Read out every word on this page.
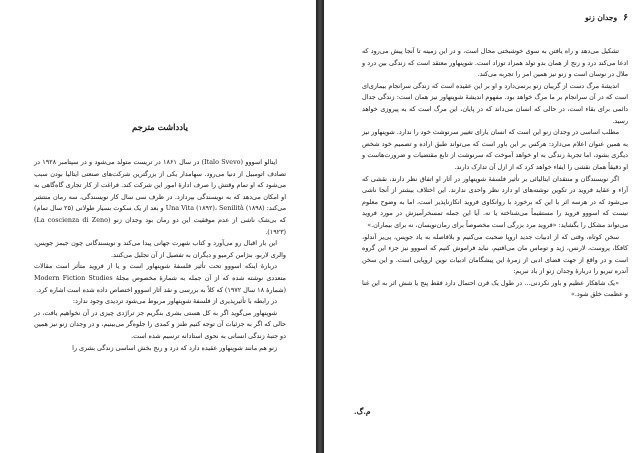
یادداشت مترجم

ایتالو اسووو (Italo Svevo) در سال ۱۸۶۱ در تریست متولد می‌شود و در سپتامبر ۱۹۲۸ در تصادف اتومبیل از دنیا می‌رود. سهامدار یکی از بزرگترین شرکت‌های صنعتی ایتالیا بودن سبب می‌شود که او تمام وقتش را صرف ادارهٔ امور این شرکت کند. فراغت از کار تجاری گاه‌گاهی به او امکان می‌دهد که به نویسندگی بپردازد. در ظرف سی سال کار نویسندگی، سه رمان منتشر می‌کند: Una Vita (۱۸۹۲)، Senilità (۱۸۹۸) و بعد از یک سکوت بسیار طولانی (۲۵ سال تمام) که بی‌شک ناشی از عدم موفقیت این دو رمان بود وجدان زنو (La coscienza di Zeno) (۱۹۲۳).

این بار اقبال رو می‌آورد و کتاب شهرت جهانی پیدا می‌کند و نویسندگانی چون جیمز جویس، والری لاربو، بنژامن کرمیو و دیگران به تفصیل از آن تجلیل می‌کنند.

دربارهٔ اینکه اسووو تحت تأثیر فلسفهٔ شوپنهاور است و یا از فروید متأثر است مقالات متعددی نوشته شده که از آن جمله به شمارهٔ مخصوص مجلهٔ Modern Fiction Studies (شمارهٔ ۱۸ سال ۱۹۷۲) که کلاً به بررسی و نقد آثار اسووو اختصاص داده شده است اشاره کرد.

در رابطه با تأثیرپذیری از فلسفهٔ شوپنهاور مربوط می‌شود تردیدی وجود ندارد:

شوپنهاور می‌گوید اگر به کل هستی بشری بنگریم جز تراژدی چیزی در آن نخواهیم یافت، در حالی که اگر به جزئیات آن توجه کنیم طنز و کمدی را جلوه‌گر می‌بینیم، و در وجدان زنو نیز همین دو جنبهٔ زندگی انسانی به نحوی استادانه ترسیم شده است.

زنو هم مانند شوپنهاور عقیده دارد که درد و رنج بخش اساسی زندگی بشری را

۶وجدان زنو

تشکیل می‌دهد و راه یافتن به سوی خوشبختی محال است، و در این زمینه تا آنجا پیش می‌رود که ادعا می‌کند درد و رنج از همان بدو تولد همزاد توزاد است. شوپنهاور معتقد است که زندگی بین درد و ملال در نوسان است و زنو نیز همین امر را تجربه می‌کند.

اندیشهٔ مرگ دست از گریبان زنو برنمی‌دارد و او بر این عقیده است که زندگی سرانجام بیماری‌ای است که در آن سرانجام بر ما مرگ خواهد بود. مفهوم اندیشهٔ شوپنهاور نیز همان است: زندگی جدال دائمی برای بقاء است، در حالی که انسان می‌داند که در پایان، این مرگ است که به پیروزی خواهد رسید.

مطلب اساسی در وجدان زنو این است که انسان یارای تغییر سرنوشت خود را ندارد. شوپنهاور نیز به همین عنوان اعلام می‌دارد: هرکس بر این باور است که می‌تواند طبق اراده و تصمیم خود شخص دیگری بشود، اما تجربهٔ زندگی به او خواهد آموخت که سرنوشت از تابع مقتضیات و ضرورت‌هاست و او دقیقاً همان نقشی را ایفاء خواهد کرد که از ازل آن تدارک دارند.

اگر نویسندگان و منتقدان ایتالیائی بر تأثیر فلسفهٔ شوپنهاور در آثار او اتفاق نظر دارند، نقشی که آراء و عقاید فروید در تکوین نوشته‌های او دارد نظر واحدی ندارند. این اختلاف بیشتر از آنجا ناشی می‌شود که در هرسه اثر با این که برخورد با روانکاوی فروید انکارناپذیر است، اما به وضوح معلوم نیست که اسووو فروید را مستقیماً می‌شناخته یا نه. آیا این جمله تمسخرآمیزش در مورد فروید می‌تواند مشکل را بگشاید: «فروید مرد بزرگی است مخصوصاً برای رمان‌نویسان، نه برای بیماران.»

سخن کوتاه، وقتی که از ادبیات جدید اروپا صحبت می‌کنیم و بلافاصله به یاد جویس، پی‌یر آندلو، کافکا، پروست، لارنس، ژید و توماس مان می‌افتیم، نباید فراموش کنیم که اسووو نیز جزء این گروه است و در واقع از جهت فضای ادبی از زمرهٔ این پیشگامان ادبیات نوین اروپایی است. و این سخن آندره تیریو را دربارهٔ وجدان زنو از یاد نبریم:

«یک شاهکار عظیم و باور نکردنی... در طول یک قرن احتمال دارد فقط پنج یا شش اثر به این غنا و عظمت خلق شود.»

م.گ.
